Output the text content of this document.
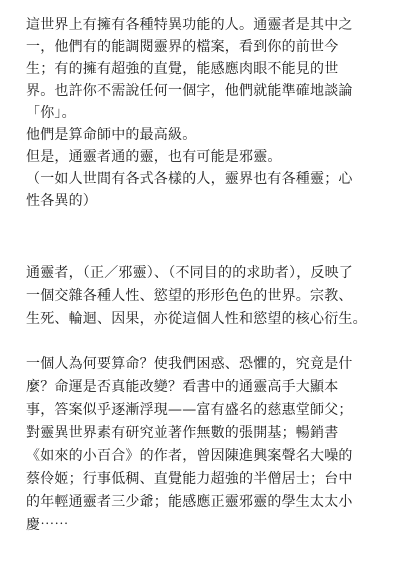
這世界上有擁有各種特異功能的人。通靈者是其中之
一，他們有的能調閱靈界的檔案，看到你的前世今
生；有的擁有超強的直覺，能感應肉眼不能見的世
界。也許你不需說任何一個字，他們就能準確地談論
「你」。
他們是算命師中的最高級。
但是，通靈者通的靈，也有可能是邪靈。
（一如人世間有各式各樣的人，靈界也有各種靈；心
性各異的）
通靈者，（正／邪靈）、（不同目的的求助者），反映了
一個交雜各種人性、慾望的形形色色的世界。宗教、
生死、輪迴、因果，亦從這個人性和慾望的核心衍生。
一個人為何要算命？使我們困惑、恐懼的，究竟是什
麼？命運是否真能改變？看書中的通靈高手大顯本
事，答案似乎逐漸浮現——富有盛名的慈惠堂師父；
對靈異世界素有研究並著作無數的張開基；暢銷書
《如來的小百合》的作者，曾因陳進興案聲名大噪的
蔡伶姬；行事低稠、直覺能力超強的半僧居士；台中
的年輕通靈者三少爺；能感應正靈邪靈的學生太太小
慶⋯⋯
